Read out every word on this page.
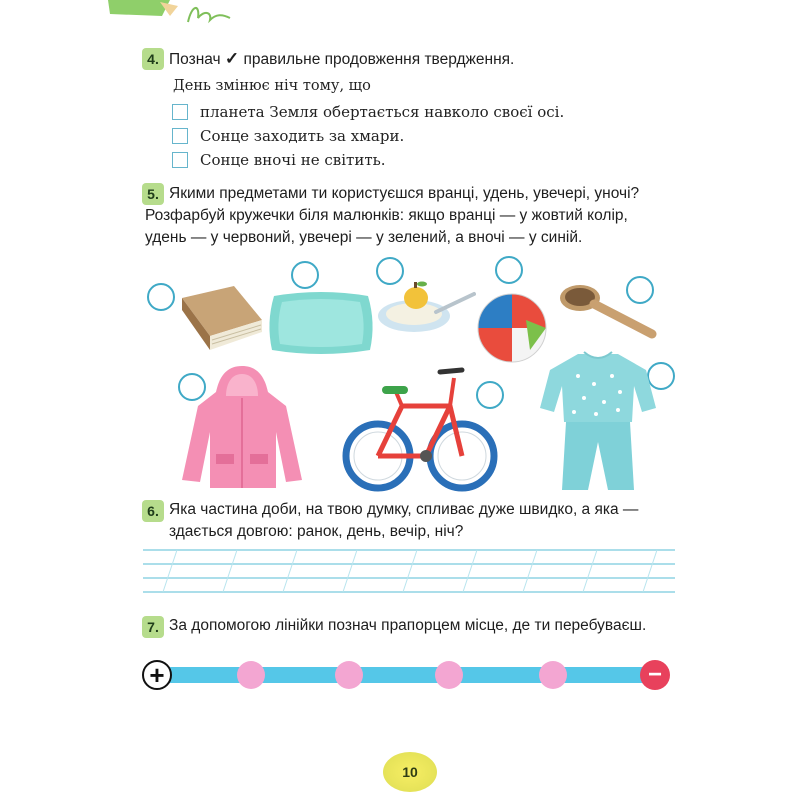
4. Познач ✓ правильне продовження твердження.
День змінює ніч тому, що
планета Земля обертається навколо своєї осі.
Сонце заходить за хмари.
Сонце вночі не світить.
5. Якими предметами ти користуєшся вранці, удень, увечері, уночі?
Розфарбуй кружечки біля малюнків: якщо вранці — у жовтий колір,
удень — у червоний, увечері — у зелений, а вночі — у синій.
6. Яка частина доби, на твою думку, спливає дуже швидко, а яка —
здається довгою: ранок, день, вечір, ніч?
7. За допомогою лінійки познач прапорцем місце, де ти перебуваєш.
+	−
10
